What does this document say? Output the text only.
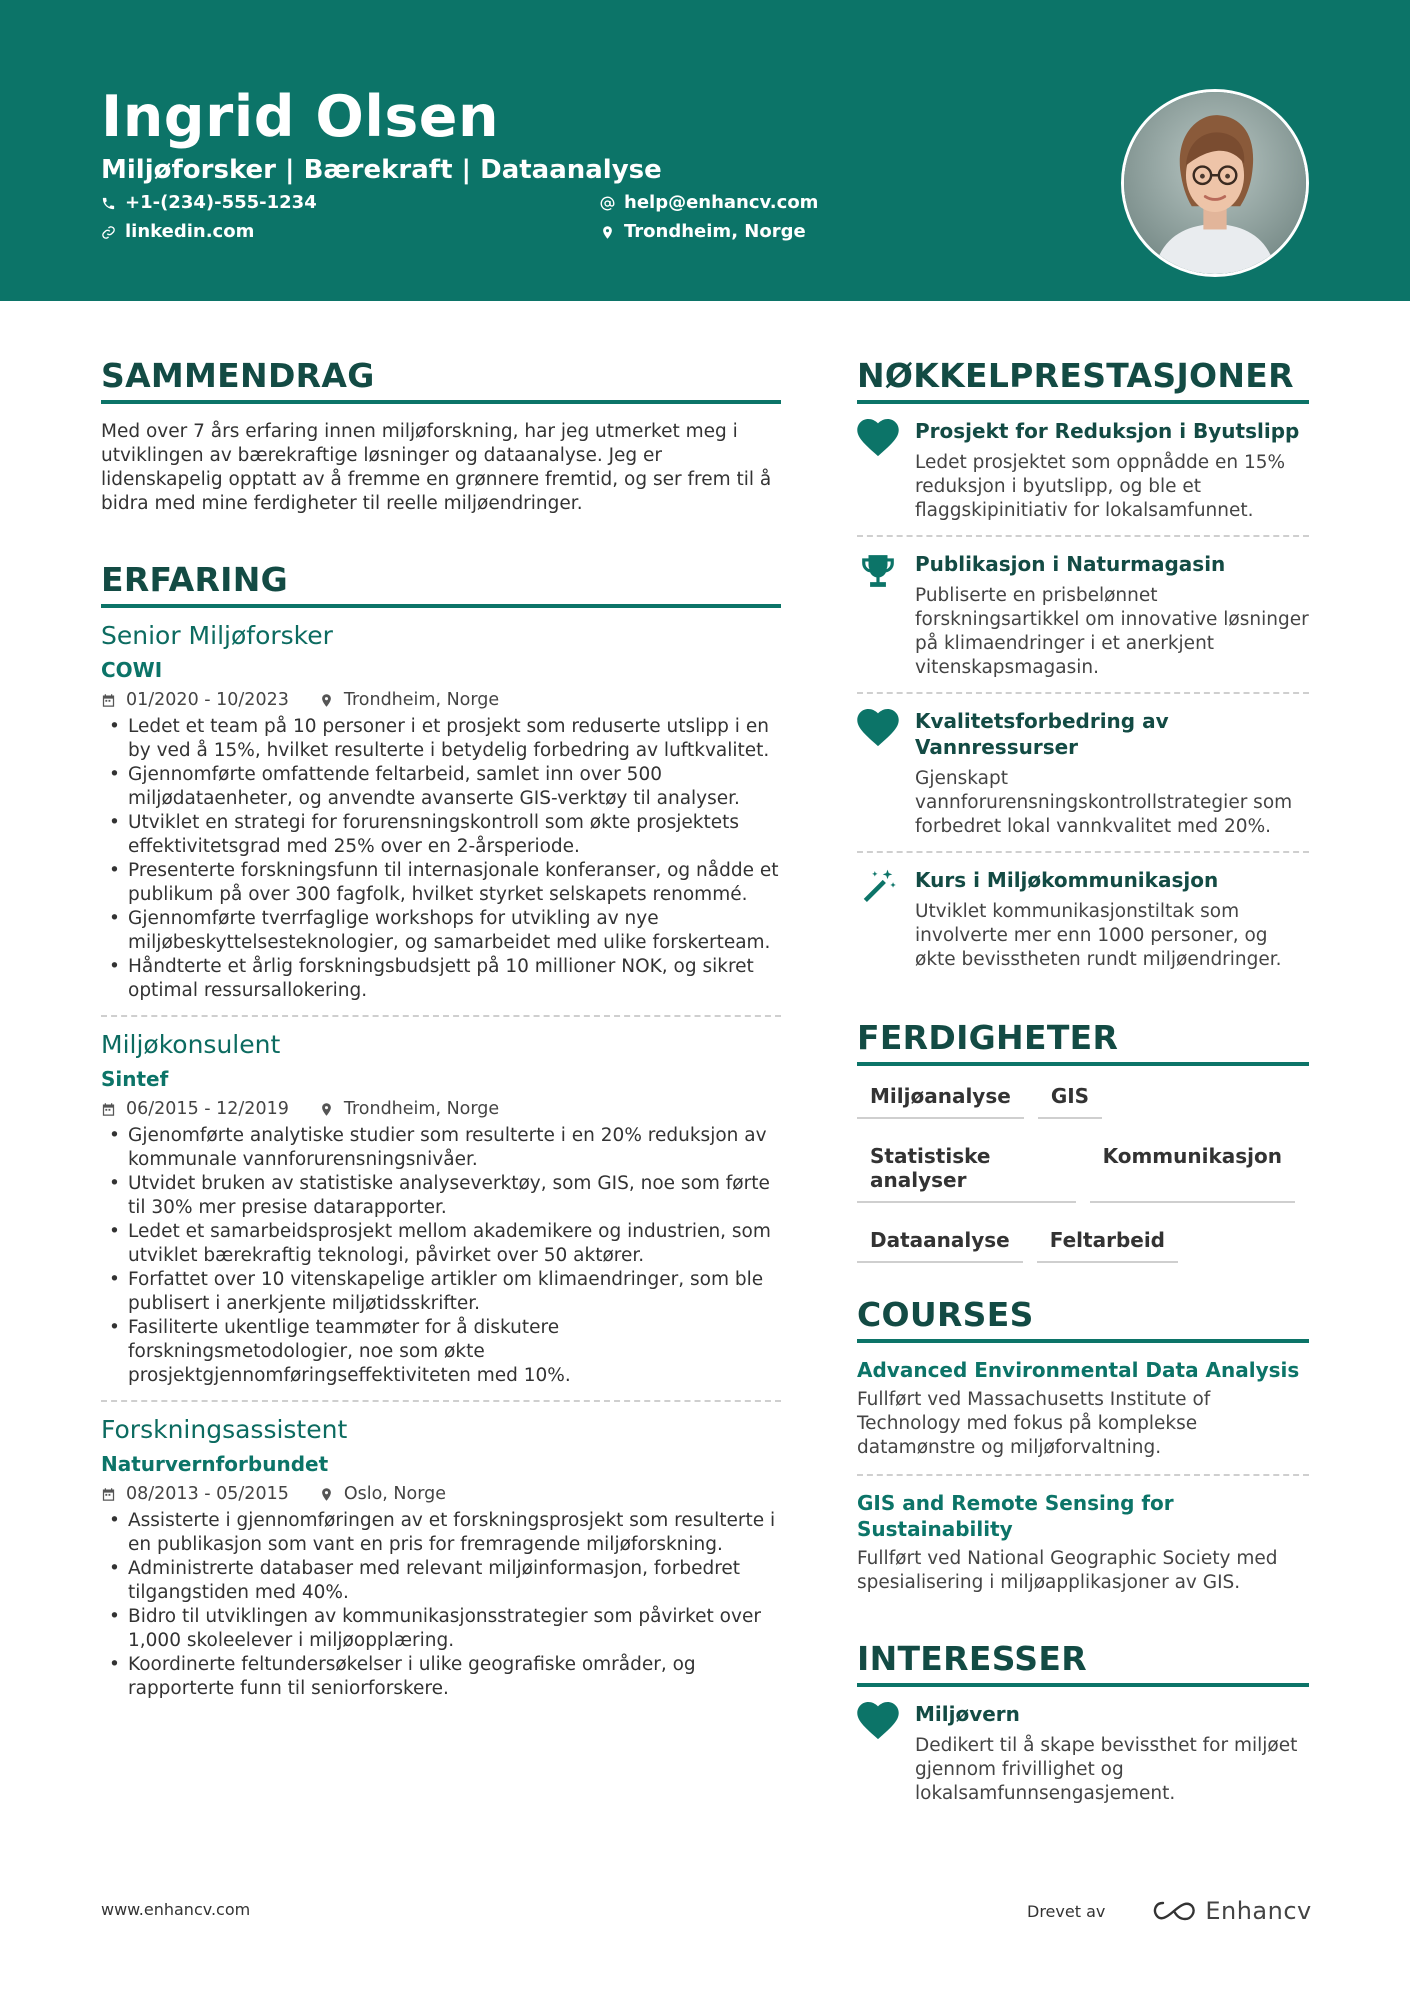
Ingrid Olsen
Miljøforsker | Bærekraft | Dataanalyse
+1-(234)-555-1234
linkedin.com
help@enhancv.com
Trondheim, Norge
SAMMENDRAG
Med over 7 års erfaring innen miljøforskning, har jeg utmerket meg i utviklingen av bærekraftige løsninger og dataanalyse. Jeg er lidenskapelig opptatt av å fremme en grønnere fremtid, og ser frem til å bidra med mine ferdigheter til reelle miljøendringer.
ERFARING
Senior Miljøforsker
COWI
01/2020 - 10/2023	Trondheim, Norge
• Ledet et team på 10 personer i et prosjekt som reduserte utslipp i en by ved å 15%, hvilket resulterte i betydelig forbedring av luftkvalitet.
• Gjennomførte omfattende feltarbeid, samlet inn over 500 miljødataenheter, og anvendte avanserte GIS-verktøy til analyser.
• Utviklet en strategi for forurensningskontroll som økte prosjektets effektivitetsgrad med 25% over en 2-årsperiode.
• Presenterte forskningsfunn til internasjonale konferanser, og nådde et publikum på over 300 fagfolk, hvilket styrket selskapets renommé.
• Gjennomførte tverrfaglige workshops for utvikling av nye miljøbeskyttelsesteknologier, og samarbeidet med ulike forskerteam.
• Håndterte et årlig forskningsbudsjett på 10 millioner NOK, og sikret optimal ressursallokering.
Miljøkonsulent
Sintef
06/2015 - 12/2019	Trondheim, Norge
• Gjenomførte analytiske studier som resulterte i en 20% reduksjon av kommunale vannforurensningsnivåer.
• Utvidet bruken av statistiske analyseverktøy, som GIS, noe som førte til 30% mer presise datarapporter.
• Ledet et samarbeidsprosjekt mellom akademikere og industrien, som utviklet bærekraftig teknologi, påvirket over 50 aktører.
• Forfattet over 10 vitenskapelige artikler om klimaendringer, som ble publisert i anerkjente miljøtidsskrifter.
• Fasiliterte ukentlige teammøter for å diskutere forskningsmetodologier, noe som økte prosjektgjennomføringseffektiviteten med 10%.
Forskningsassistent
Naturvernforbundet
08/2013 - 05/2015	Oslo, Norge
• Assisterte i gjennomføringen av et forskningsprosjekt som resulterte i en publikasjon som vant en pris for fremragende miljøforskning.
• Administrerte databaser med relevant miljøinformasjon, forbedret tilgangstiden med 40%.
• Bidro til utviklingen av kommunikasjonsstrategier som påvirket over 1,000 skoleelever i miljøopplæring.
• Koordinerte feltundersøkelser i ulike geografiske områder, og rapporterte funn til seniorforskere.
NØKKELPRESTASJONER
Prosjekt for Reduksjon i Byutslipp
Ledet prosjektet som oppnådde en 15% reduksjon i byutslipp, og ble et flaggskipinitiativ for lokalsamfunnet.
Publikasjon i Naturmagasin
Publiserte en prisbelønnet forskningsartikkel om innovative løsninger på klimaendringer i et anerkjent vitenskapsmagasin.
Kvalitetsforbedring av Vannressurser
Gjenskapt vannforurensningskontrollstrategier som forbedret lokal vannkvalitet med 20%.
Kurs i Miljøkommunikasjon
Utviklet kommunikasjonstiltak som involverte mer enn 1000 personer, og økte bevisstheten rundt miljøendringer.
FERDIGHETER
Miljøanalyse	GIS
Statistiske analyser
Kommunikasjon
Dataanalyse	Feltarbeid
COURSES
Advanced Environmental Data Analysis
Fullført ved Massachusetts Institute of Technology med fokus på komplekse datamønstre og miljøforvaltning.
GIS and Remote Sensing for Sustainability
Fullført ved National Geographic Society med spesialisering i miljøapplikasjoner av GIS.
INTERESSER
Miljøvern
Dedikert til å skape bevissthet for miljøet gjennom frivillighet og lokalsamfunnsengasjement.
www.enhancv.com	Drevet av	Enhancv
